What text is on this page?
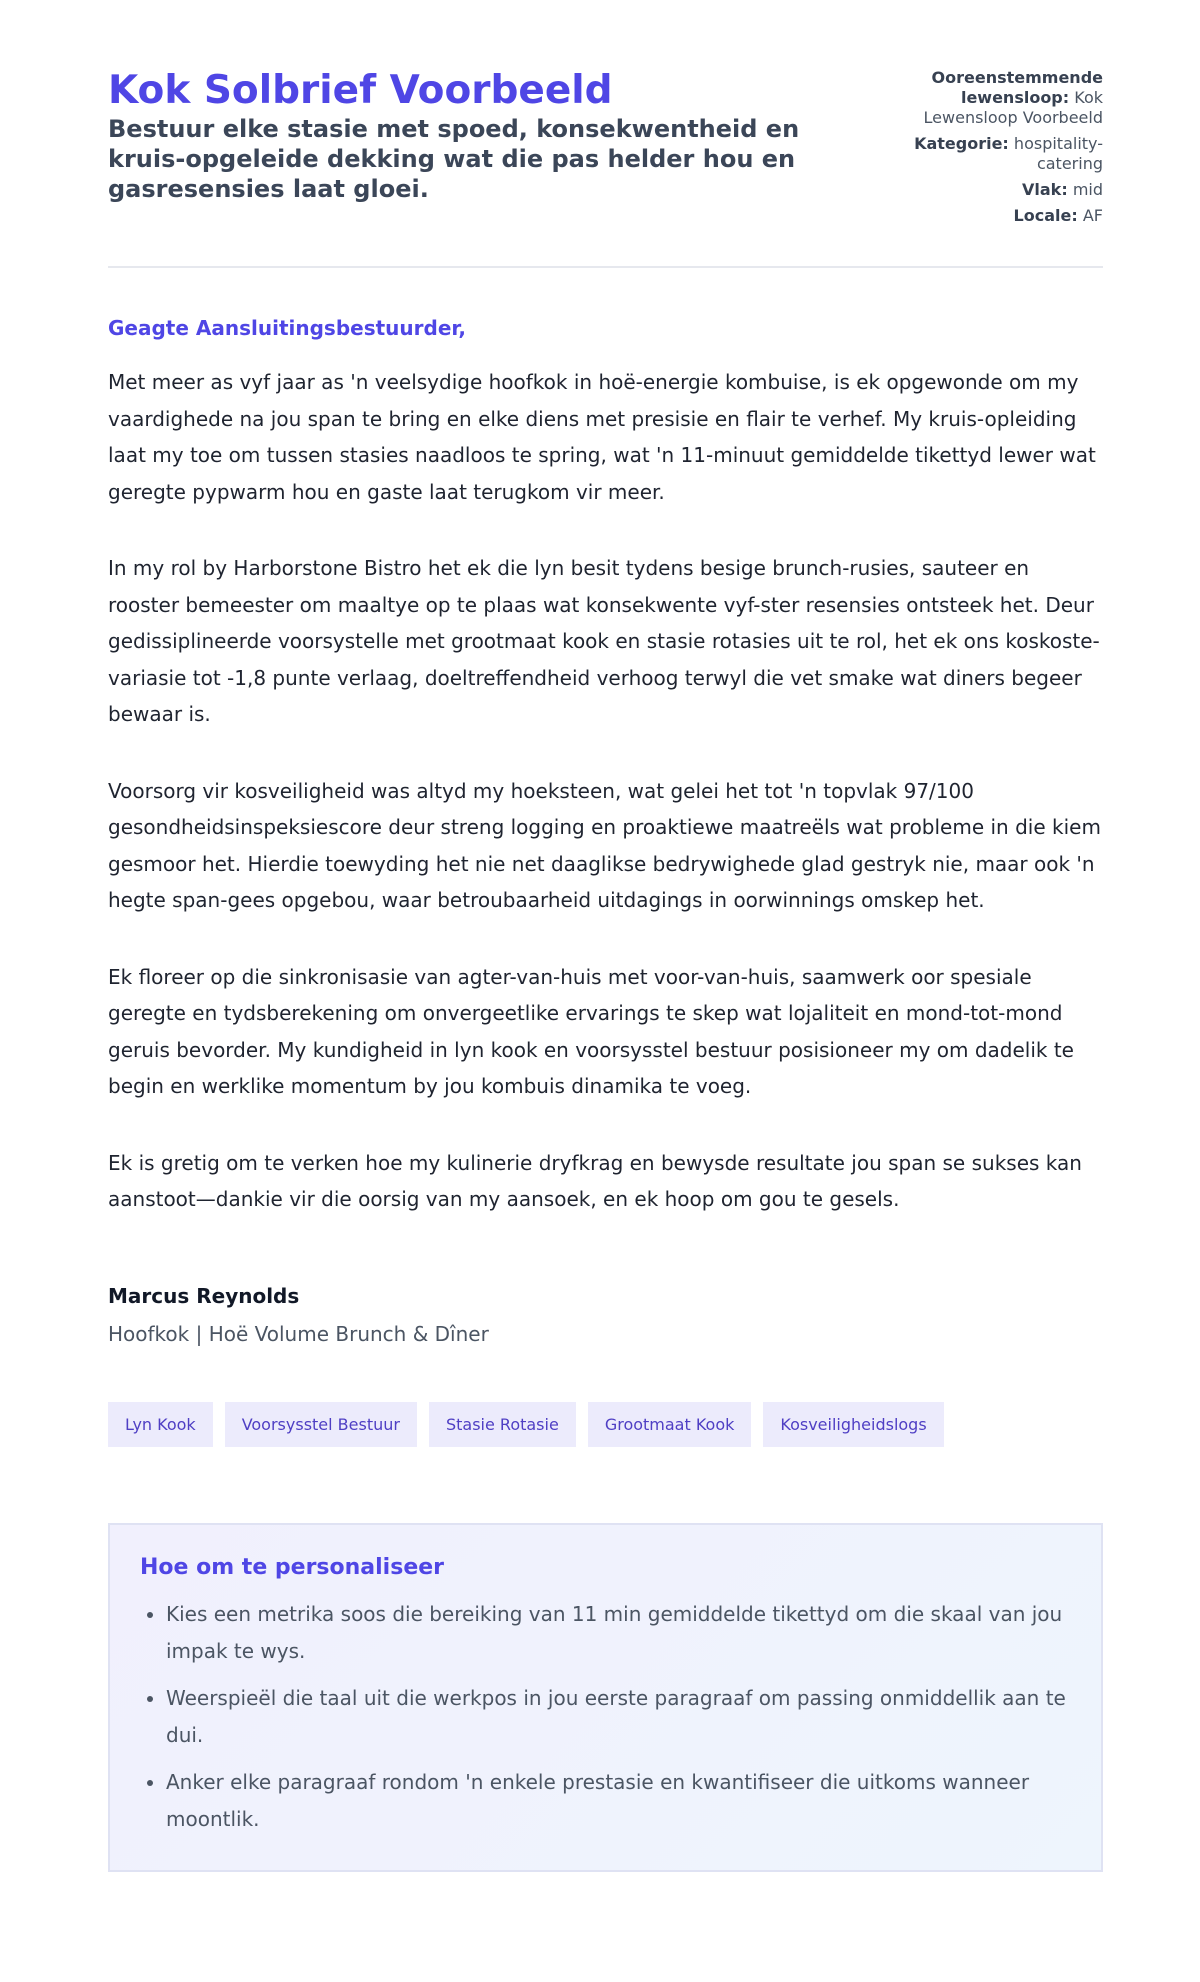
Kok Solbrief Voorbeeld

Bestuur elke stasie met spoed, konsekwentheid en kruis-opgeleide dekking wat die pas helder hou en gasresensies laat gloei.

Ooreenstemmende lewensloop: Kok Lewensloop Voorbeeld
Kategorie: hospitality-catering
Vlak: mid
Locale: AF
Geagte Aansluitingsbestuurder,

Met meer as vyf jaar as 'n veelsydige hoofkok in hoë-energie kombuise, is ek opgewonde om my vaardighede na jou span te bring en elke diens met presisie en flair te verhef. My kruis-opleiding laat my toe om tussen stasies naadloos te spring, wat 'n 11-minuut gemiddelde tikettyd lewer wat geregte pypwarm hou en gaste laat terugkom vir meer.

In my rol by Harborstone Bistro het ek die lyn besit tydens besige brunch-rusies, sauteer en rooster bemeester om maaltye op te plaas wat konsekwente vyf-ster resensies ontsteek het. Deur gedissiplineerde voorsystelle met grootmaat kook en stasie rotasies uit te rol, het ek ons koskoste-variasie tot -1,8 punte verlaag, doeltreffendheid verhoog terwyl die vet smake wat diners begeer bewaar is.

Voorsorg vir kosveiligheid was altyd my hoeksteen, wat gelei het tot 'n topvlak 97/100 gesondheidsinspeksiescore deur streng logging en proaktiewe maatreëls wat probleme in die kiem gesmoor het. Hierdie toewyding het nie net daaglikse bedrywighede glad gestryk nie, maar ook 'n hegte span-gees opgebou, waar betroubaarheid uitdagings in oorwinnings omskep het.

Ek floreer op die sinkronisasie van agter-van-huis met voor-van-huis, saamwerk oor spesiale geregte en tydsberekening om onvergeetlike ervarings te skep wat lojaliteit en mond-tot-mond geruis bevorder. My kundigheid in lyn kook en voorsysstel bestuur posisioneer my om dadelik te begin en werklike momentum by jou kombuis dinamika te voeg.

Ek is gretig om te verken hoe my kulinerie dryfkrag en bewysde resultate jou span se sukses kan aanstoot—dankie vir die oorsig van my aansoek, en ek hoop om gou te gesels.

Marcus Reynolds
Hoofkok | Hoë Volume Brunch & Dîner
Lyn Kook	Voorsysstel Bestuur	Stasie Rotasie	Grootmaat Kook	Kosveiligheidslogs
Hoe om te personaliseer
• Kies een metrika soos die bereiking van 11 min gemiddelde tikettyd om die skaal van jou impak te wys.
• Weerspieël die taal uit die werkpos in jou eerste paragraaf om passing onmiddellik aan te dui.
• Anker elke paragraaf rondom 'n enkele prestasie en kwantifiseer die uitkoms wanneer moontlik.
